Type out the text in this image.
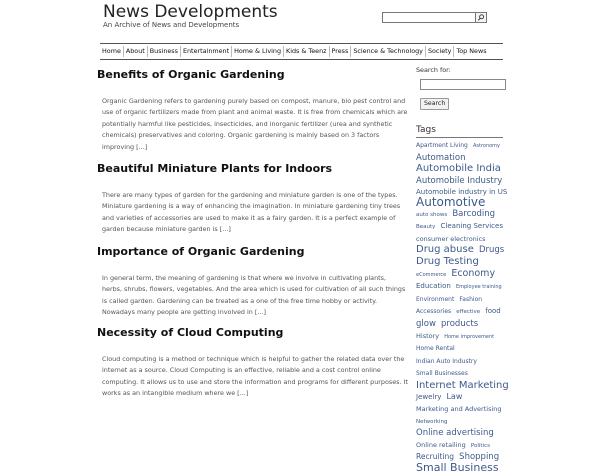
News Developments
An Archive of News and Developments
Home About Business Entertainment Home & Living Kids & Teenz Press Science & Technology Society Top News
Benefits of Organic Gardening
Organic Gardening refers to gardening purely based on compost, manure, bio pest control and use of organic fertilizers made from plant and animal waste. It is free from chemicals which are potentially harmful like pesticides, insecticides, and inorganic fertilizer (urea and synthetic chemicals) preservatives and coloring. Organic gardening is mainly based on 3 factors improving [...]
Beautiful Miniature Plants for Indoors
There are many types of garden for the gardening and miniature garden is one of the types. Miniature gardening is a way of enhancing the imagination. In miniature gardening tiny trees and varieties of accessories are used to make it as a fairy garden. It is a perfect example of garden because miniature garden is [...]
Importance of Organic Gardening
In general term, the meaning of gardening is that where we involve in cultivating plants, herbs, shrubs, flowers, vegetables. And the area which is used for cultivation of all such things is called garden. Gardening can be treated as a one of the free time hobby or activity. Nowadays many people are getting involved in [...]
Necessity of Cloud Computing
Cloud computing is a method or technique which is helpful to gather the related data over the internet as a source. Cloud Computing is an effective, reliable and a cost control online computing. It allows us to use and store the information and programs for different purposes. It works as an intangible medium where we [...]
Search for:
Search
Tags
Apartment Living Astronomy Automation Automobile India Automobile Industry Automobile industry in US Automotive auto shows Barcoding Beauty Cleaning Services consumer electronics Drug abuse Drugs Drug Testing eCommerce Economy Education Employee training Environment Fashion Accessories effective food glow products History Home improvement Home Rental Indian Auto Industry Small Businesses Internet Marketing Jewelry Law Marketing and Advertising Networking Online advertising Online retailing Politics Recruiting Shopping Small Business
